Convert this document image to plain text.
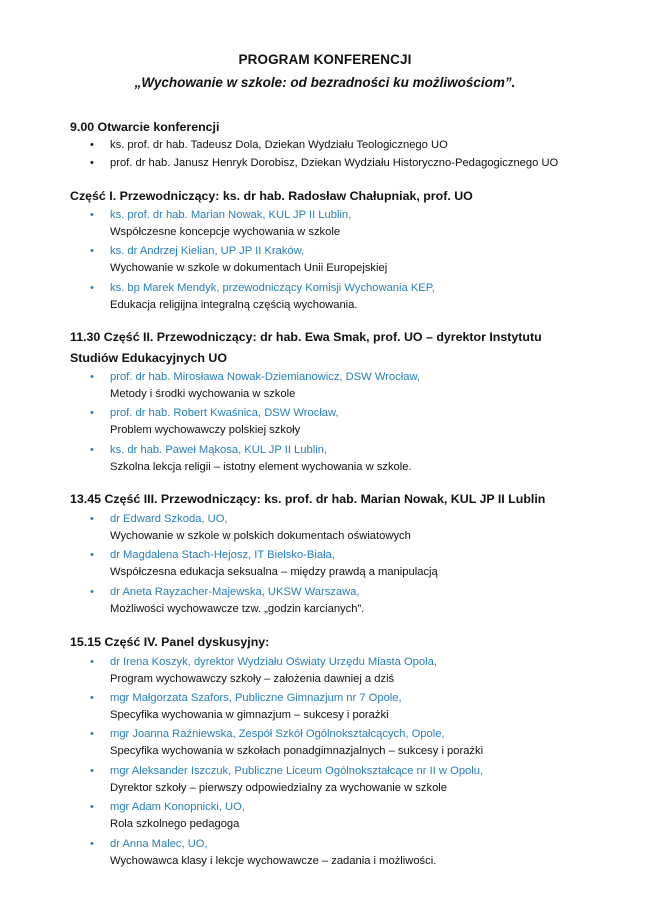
PROGRAM KONFERENCJI
„Wychowanie w szkole: od bezradności ku możliwościom”.
9.00 Otwarcie konferencji
•	ks. prof. dr hab. Tadeusz Dola, Dziekan Wydziału Teologicznego UO
•	prof. dr hab. Janusz Henryk Dorobisz, Dziekan Wydziału Historyczno-Pedagogicznego UO
Część I. Przewodniczący: ks. dr hab. Radosław Chałupniak, prof. UO
•	ks. prof. dr hab. Marian Nowak, KUL JP II Lublin,
Współczesne koncepcje wychowania w szkole
•	ks. dr Andrzej Kielian, UP JP II Kraków,
Wychowanie w szkole w dokumentach Unii Europejskiej
•	ks. bp Marek Mendyk, przewodniczący Komisji Wychowania KEP,
Edukacja religijna integralną częścią wychowania.
11.30 Część II. Przewodniczący: dr hab. Ewa Smak, prof. UO – dyrektor Instytutu
Studiów Edukacyjnych UO
•	prof. dr hab. Mirosława Nowak-Dziemianowicz, DSW Wrocław,
Metody i środki wychowania w szkole
•	prof. dr hab. Robert Kwaśnica, DSW Wrocław,
Problem wychowawczy polskiej szkoły
•	ks. dr hab. Paweł Mąkosa, KUL JP II Lublin,
Szkolna lekcja religii – istotny element wychowania w szkole.
13.45 Część III. Przewodniczący: ks. prof. dr hab. Marian Nowak, KUL JP II Lublin
•	dr Edward Szkoda, UO,
Wychowanie w szkole w polskich dokumentach oświatowych
•	dr Magdalena Stach-Hejosz, IT Bielsko-Biała,
Współczesna edukacja seksualna – między prawdą a manipulacją
•	dr Aneta Rayzacher-Majewska, UKSW Warszawa,
Możliwości wychowawcze tzw. „godzin karcianych”.
15.15 Część IV. Panel dyskusyjny:
•	dr Irena Koszyk, dyrektor Wydziału Oświaty Urzędu Miasta Opola,
Program wychowawczy szkoły – założenia dawniej a dziś
•	mgr Małgorzata Szafors, Publiczne Gimnazjum nr 7 Opole,
Specyfika wychowania w gimnazjum – sukcesy i porażki
•	mgr Joanna Raźniewska, Zespół Szkół Ogólnokształcących, Opole,
Specyfika wychowania w szkołach ponadgimnazjalnych – sukcesy i porażki
•	mgr Aleksander Iszczuk, Publiczne Liceum Ogólnokształcące nr II w Opolu,
Dyrektor szkoły – pierwszy odpowiedzialny za wychowanie w szkole
•	mgr Adam Konopnicki, UO,
Rola szkolnego pedagoga
•	dr Anna Malec, UO,
Wychowawca klasy i lekcje wychowawcze – zadania i możliwości.
